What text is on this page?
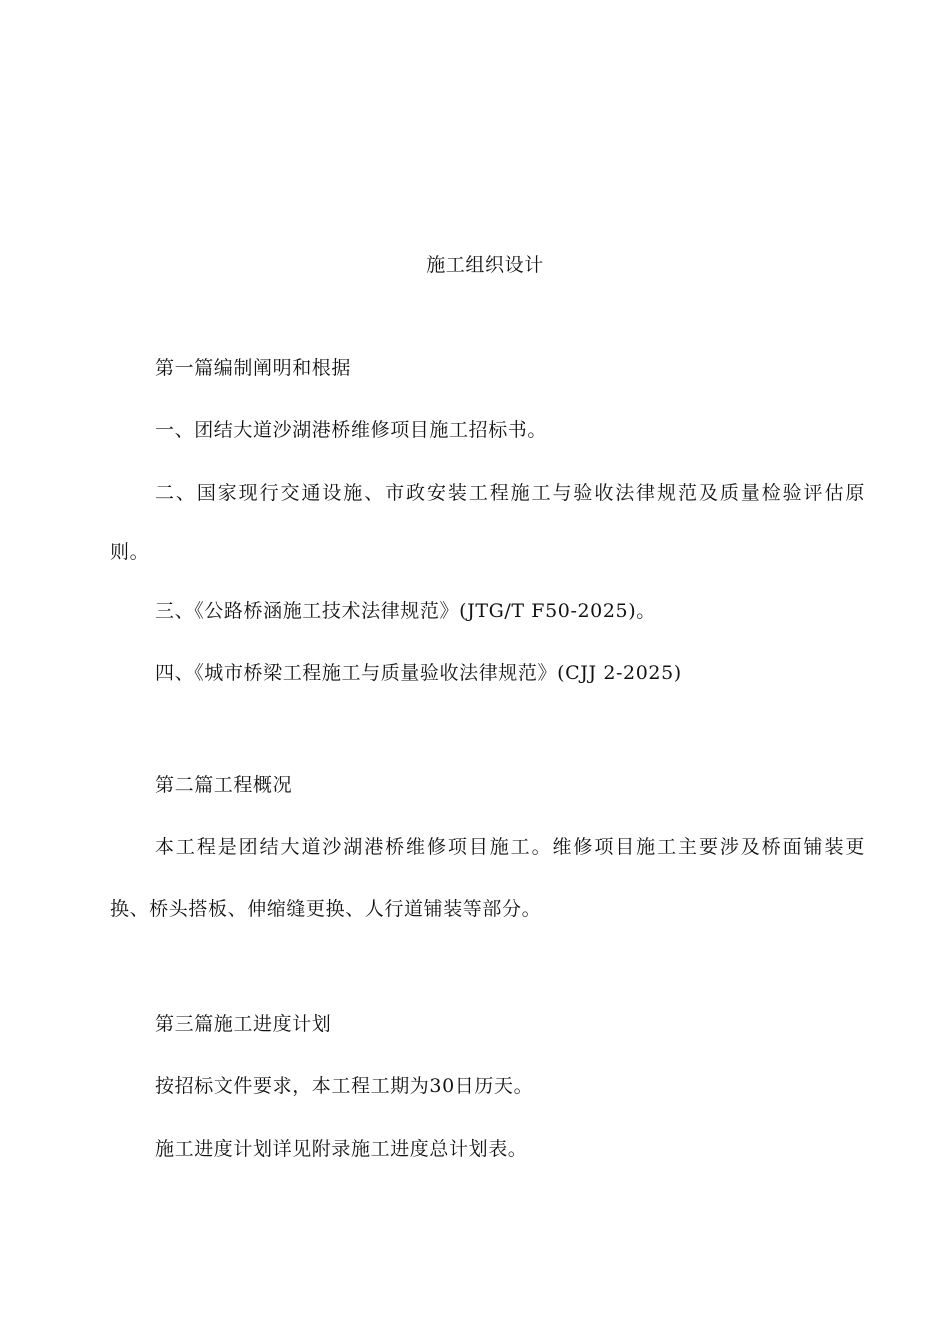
施工组织设计
第一篇编制阐明和根据
一、团结大道沙湖港桥维修项目施工招标书。
二、国家现行交通设施、市政安装工程施工与验收法律规范及质量检验评估原
则。
三、《公路桥涵施工技术法律规范》(JTG/T F50-2025)。
四、《城市桥梁工程施工与质量验收法律规范》(CJJ 2-2025)
第二篇工程概况
本工程是团结大道沙湖港桥维修项目施工。维修项目施工主要涉及桥面铺装更
换、桥头搭板、伸缩缝更换、人行道铺装等部分。
第三篇施工进度计划
按招标文件要求，本工程工期为30日历天。
施工进度计划详见附录施工进度总计划表。
